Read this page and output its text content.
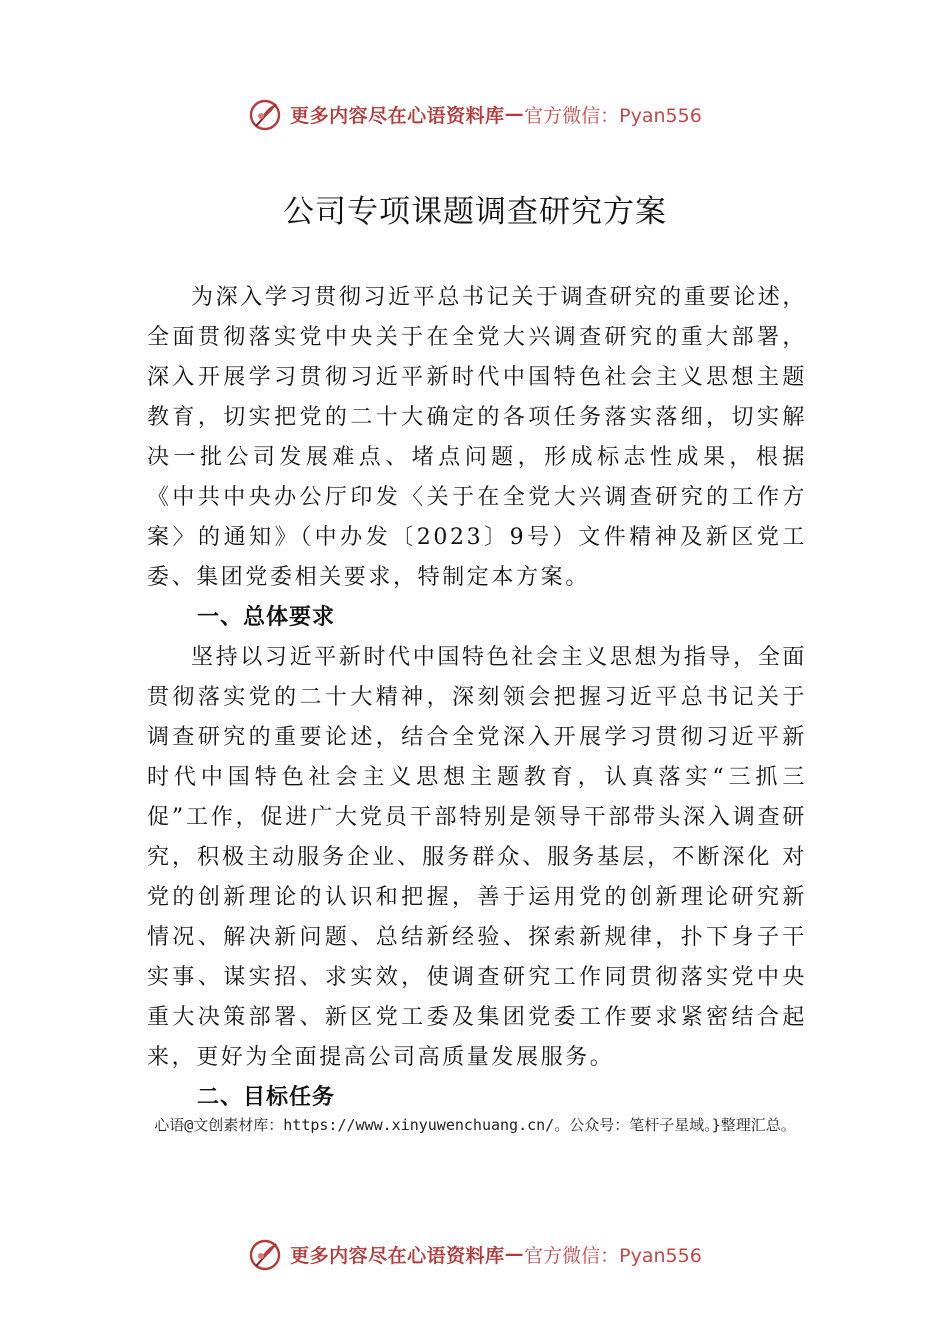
更多内容尽在心语资料库 — 官方微信：Pyan556
公司专项课题调查研究方案

为深入学习贯彻习近平总书记关于调查研究的重要论述，全面贯彻落实党中央关于在全党大兴调查研究的重大部署，深入开展学习贯彻习近平新时代中国特色社会主义思想主题教育，切实把党的二十大确定的各项任务落实落细，切实解决一批公司发展难点、堵点问题，形成标志性成果，根据《中共中央办公厅印发〈关于在全党大兴调查研究的工作方案〉的通知》（中办发〔2023〕9号）文件精神及新区党工委、集团党委相关要求，特制定本方案。

一、总体要求

坚持以习近平新时代中国特色社会主义思想为指导，全面贯彻落实党的二十大精神，深刻领会把握习近平总书记关于调查研究的重要论述，结合全党深入开展学习贯彻习近平新时代中国特色社会主义思想主题教育，认真落实“三抓三促”工作，促进广大党员干部特别是领导干部带头深入调查研究，积极主动服务企业、服务群众、服务基层，不断深化 对党的创新理论的认识和把握，善于运用党的创新理论研究新情况、解决新问题、总结新经验、探索新规律，扑下身子干实事、谋实招、求实效，使调查研究工作同贯彻落实党中央重大决策部署、新区党工委及集团党委工作要求紧密结合起来，更好为全面提高公司高质量发展服务。

二、目标任务

心语@文创素材库：https://www.xinyuwenchuang.cn/。公众号：笔杆子星域。}整理汇总。
更多内容尽在心语资料库 — 官方微信：Pyan556
